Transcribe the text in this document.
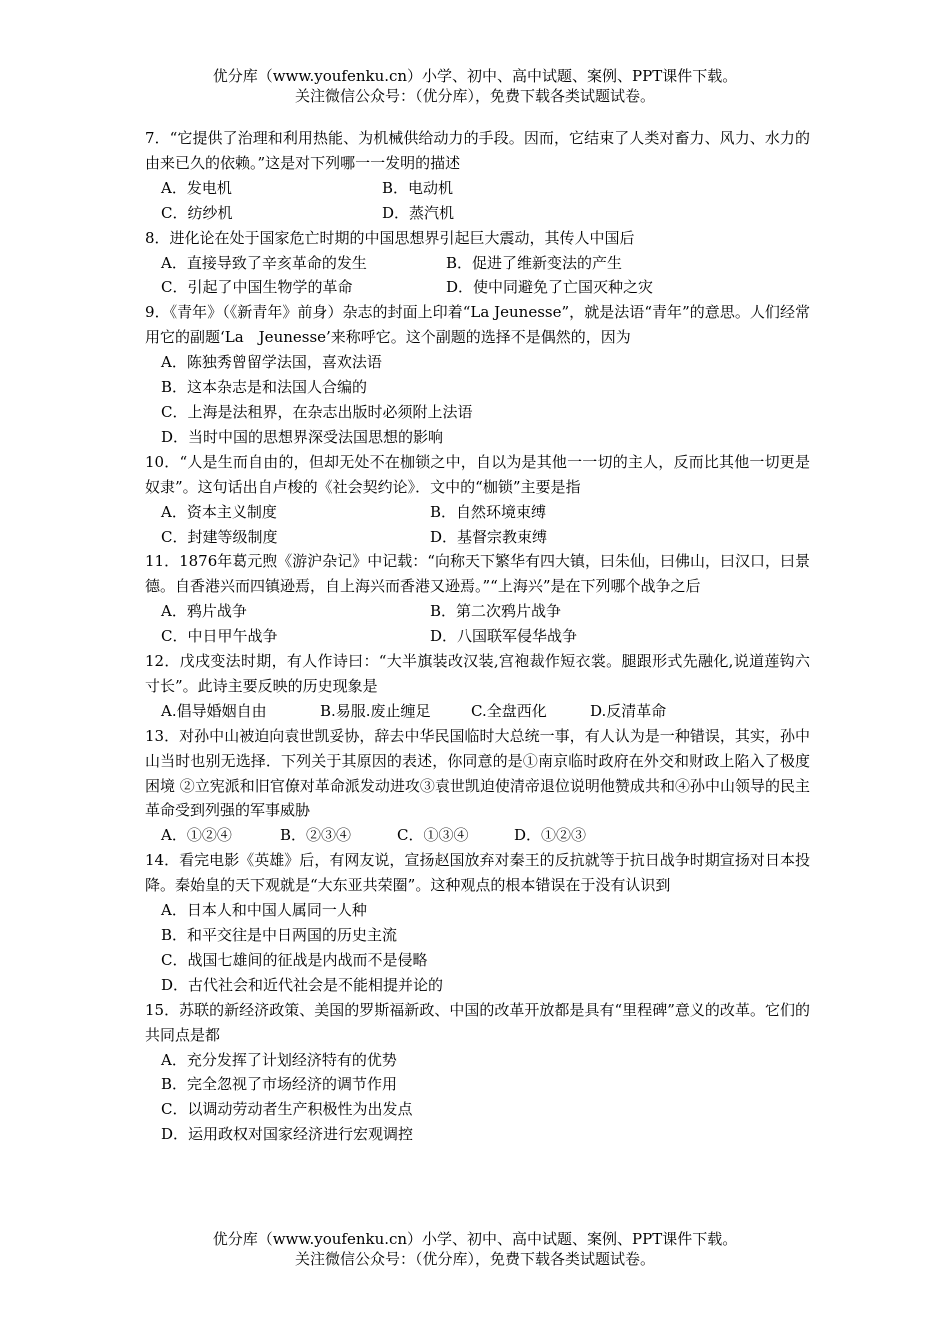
优分库（www.youfenku.cn）小学、初中、高中试题、案例、PPT课件下载。
关注微信公众号：（优分库），免费下载各类试题试卷。
7．“它提供了治理和利用热能、为机械供给动力的手段。因而，它结束了人类对畜力、风力、水力的由来已久的依赖。”这是对下列哪一一发明的描述
A．发电机	B．电动机
C．纺纱机	D．蒸汽机
8．进化论在处于国家危亡时期的中国思想界引起巨大震动，其传人中国后
A．直接导致了辛亥革命的发生	B．促进了维新变法的产生
C．引起了中国生物学的革命	D．使中同避免了亡国灭种之灾
9．《青年》（《新青年》前身）杂志的封面上印着“La Jeunesse”，就是法语“青年”的意思。人们经常用它的副题‘La　Jeunesse’来称呼它。这个副题的选择不是偶然的，因为
A．陈独秀曾留学法国，喜欢法语
B．这本杂志是和法国人合编的
C．上海是法租界，在杂志出版时必须附上法语
D．当时中国的思想界深受法国思想的影响
10．“人是生而自由的，但却无处不在枷锁之中，自以为是其他一一切的主人，反而比其他一切更是奴隶”。这句话出自卢梭的《社会契约论》．文中的“枷锁”主要是指
A．资本主义制度	B．自然环境束缚
C．封建等级制度	D．基督宗教束缚
11．1876年葛元煦《游沪杂记》中记载：“向称天下繁华有四大镇，曰朱仙，曰佛山，曰汉口，曰景德。自香港兴而四镇逊焉，自上海兴而香港又逊焉。”“上海兴”是在下列哪个战争之后
A．鸦片战争	B．第二次鸦片战争
C．中日甲午战争	D．八国联军侵华战争
12．戊戌变法时期，有人作诗曰：“大半旗装改汉装,宫袍裁作短衣裳。腿跟形式先融化,说道莲钩六寸长”。此诗主要反映的历史现象是
A.倡导婚姻自由	B.易服.废止缠足	C.全盘西化	D.反清革命
13．对孙中山被迫向袁世凯妥协，辞去中华民国临时大总统一事，有人认为是一种错误，其实，孙中山当时也别无选择．下列关于其原因的表述，你同意的是①南京临时政府在外交和财政上陷入了极度困境 ②立宪派和旧官僚对革命派发动进攻③袁世凯迫使清帝退位说明他赞成共和④孙中山领导的民主革命受到列强的军事威胁
A．①②④	B．②③④	C．①③④	D．①②③
14．看完电影《英雄》后，有网友说，宣扬赵国放弃对秦王的反抗就等于抗日战争时期宣扬对日本投降。秦始皇的天下观就是“大东亚共荣圈”。这种观点的根本错误在于没有认识到
A．日本人和中国人属同一人种
B．和平交往是中日两国的历史主流
C．战国七雄间的征战是内战而不是侵略
D．古代社会和近代社会是不能相提并论的
15．苏联的新经济政策、美国的罗斯福新政、中国的改革开放都是具有“里程碑”意义的改革。它们的共同点是都
A．充分发挥了计划经济特有的优势
B．完全忽视了市场经济的调节作用
C．以调动劳动者生产积极性为出发点
D．运用政权对国家经济进行宏观调控
优分库（www.youfenku.cn）小学、初中、高中试题、案例、PPT课件下载。
关注微信公众号：（优分库），免费下载各类试题试卷。
